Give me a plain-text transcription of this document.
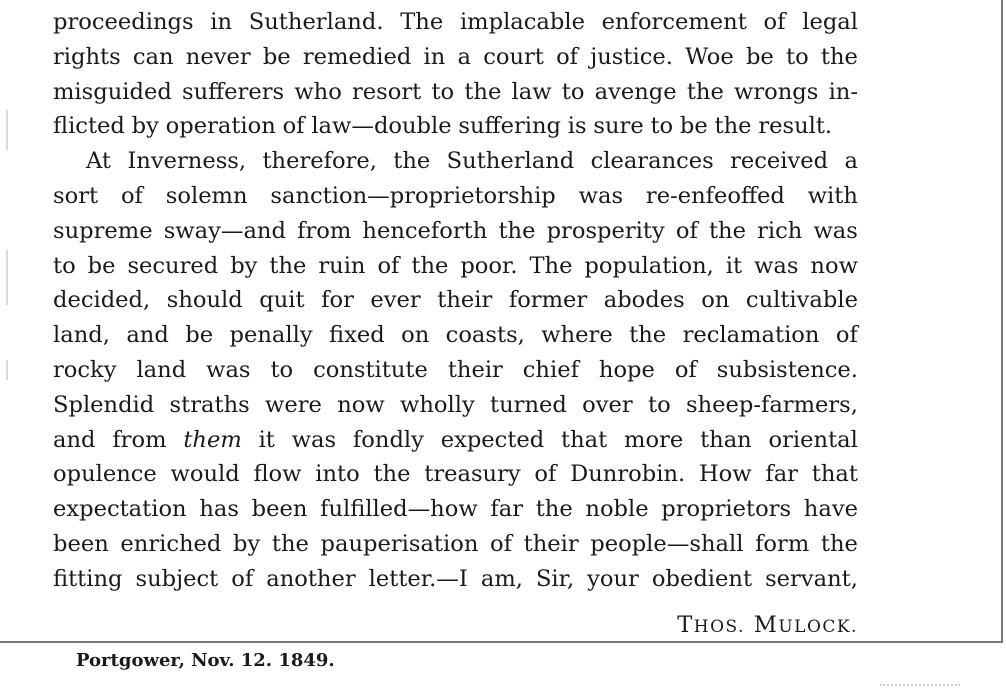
proceedings in Sutherland. The implacable enforcement of legal
rights can never be remedied in a court of justice. Woe be to the
misguided sufferers who resort to the law to avenge the wrongs in-
flicted by operation of law—double suffering is sure to be the result.
At Inverness, therefore, the Sutherland clearances received a
sort of solemn sanction—proprietorship was re-enfeoffed with
supreme sway—and from henceforth the prosperity of the rich was
to be secured by the ruin of the poor. The population, it was now
decided, should quit for ever their former abodes on cultivable
land, and be penally fixed on coasts, where the reclamation of
rocky land was to constitute their chief hope of subsistence.
Splendid straths were now wholly turned over to sheep-farmers,
and from them it was fondly expected that more than oriental
opulence would flow into the treasury of Dunrobin. How far that
expectation has been fulfilled—how far the noble proprietors have
been enriched by the pauperisation of their people—shall form the
fitting subject of another letter.—I am, Sir, your obedient servant,
THOS. MULOCK.
Portgower, Nov. 12. 1849.
